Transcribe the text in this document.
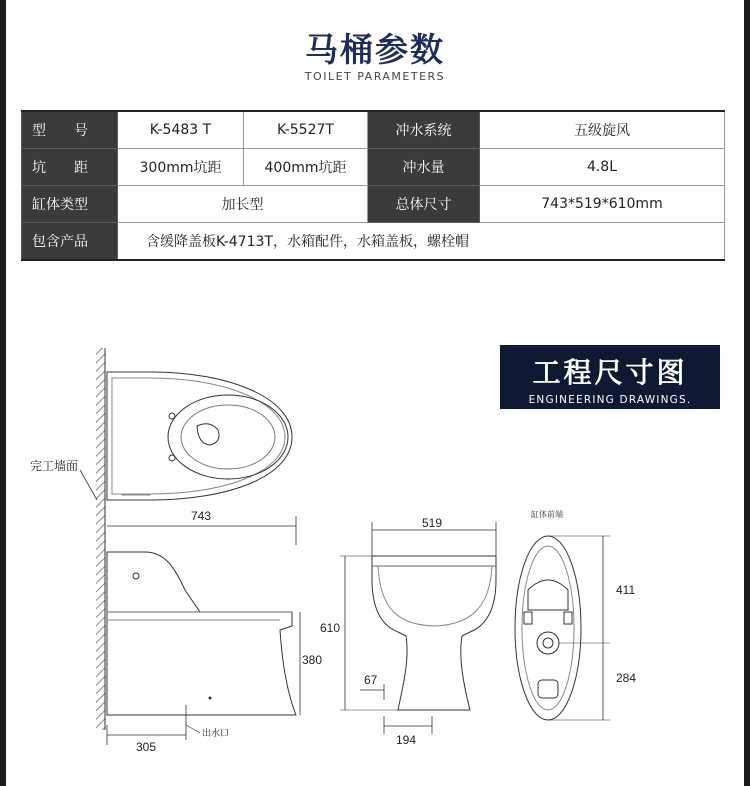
马桶参数
TOILET PARAMETERS
型　　号	K-5483 T	K-5527T	冲水系统	五级旋风
坑　　距	300mm坑距	400mm坑距	冲水量	4.8L
缸体类型	加长型		总体尺寸	743*519*610mm
包含产品	含缓降盖板K-4713T，水箱配件，水箱盖板，螺栓帽			
工程尺寸图
ENGINEERING DRAWINGS.
完工墙面
743
出水口
380
305
519
610
67
194
缸体前端
411
284
